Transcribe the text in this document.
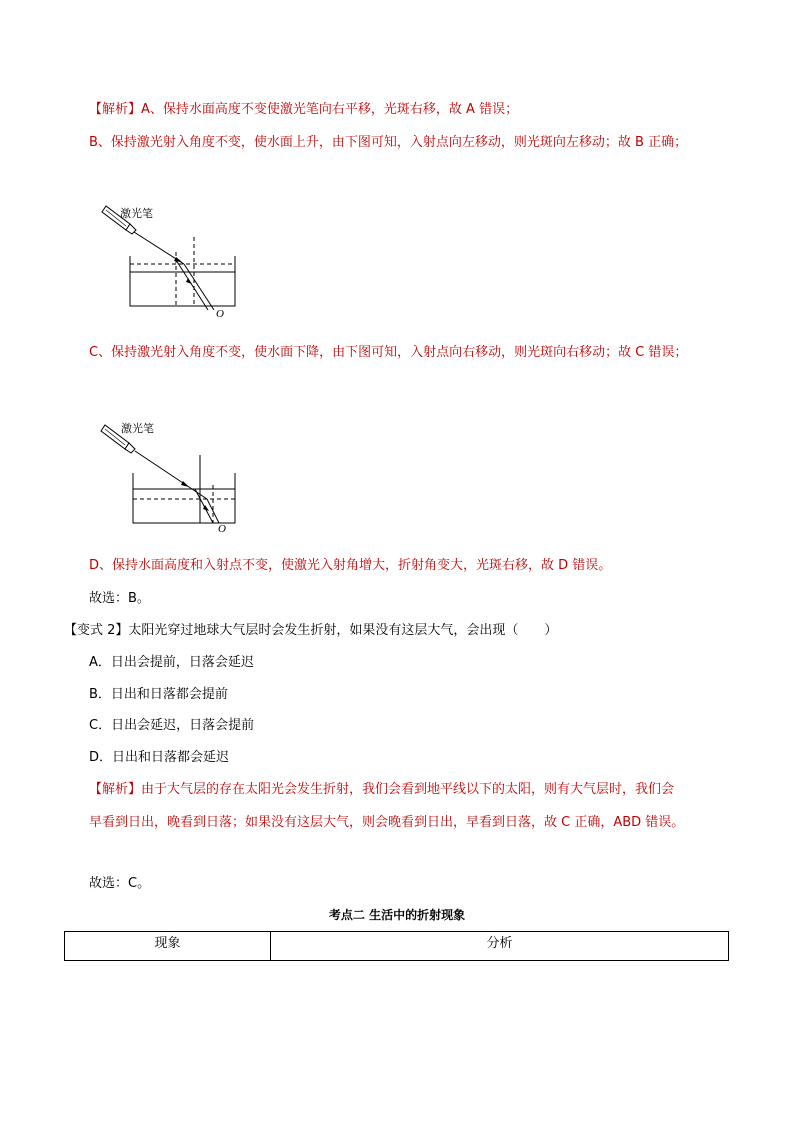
【解析】A、保持水面高度不变使激光笔向右平移，光斑右移，故 A 错误；
B、保持激光射入角度不变，使水面上升，由下图可知，入射点向左移动，则光斑向左移动；故 B 正确；
激光笔
O
C、保持激光射入角度不变，使水面下降，由下图可知，入射点向右移动，则光斑向右移动；故 C 错误；
激光笔
O
D、保持水面高度和入射点不变，使激光入射角增大，折射角变大，光斑右移，故 D 错误。
故选：B。
【变式 2】太阳光穿过地球大气层时会发生折射，如果没有这层大气，会出现（　　）
A．日出会提前，日落会延迟
B．日出和日落都会提前
C．日出会延迟，日落会提前
D．日出和日落都会延迟
【解析】由于大气层的存在太阳光会发生折射，我们会看到地平线以下的太阳，则有大气层时，我们会
早看到日出，晚看到日落；如果没有这层大气，则会晚看到日出，早看到日落，故 C 正确，ABD 错误。
故选：C。
考点二 生活中的折射现象
现象	分析
